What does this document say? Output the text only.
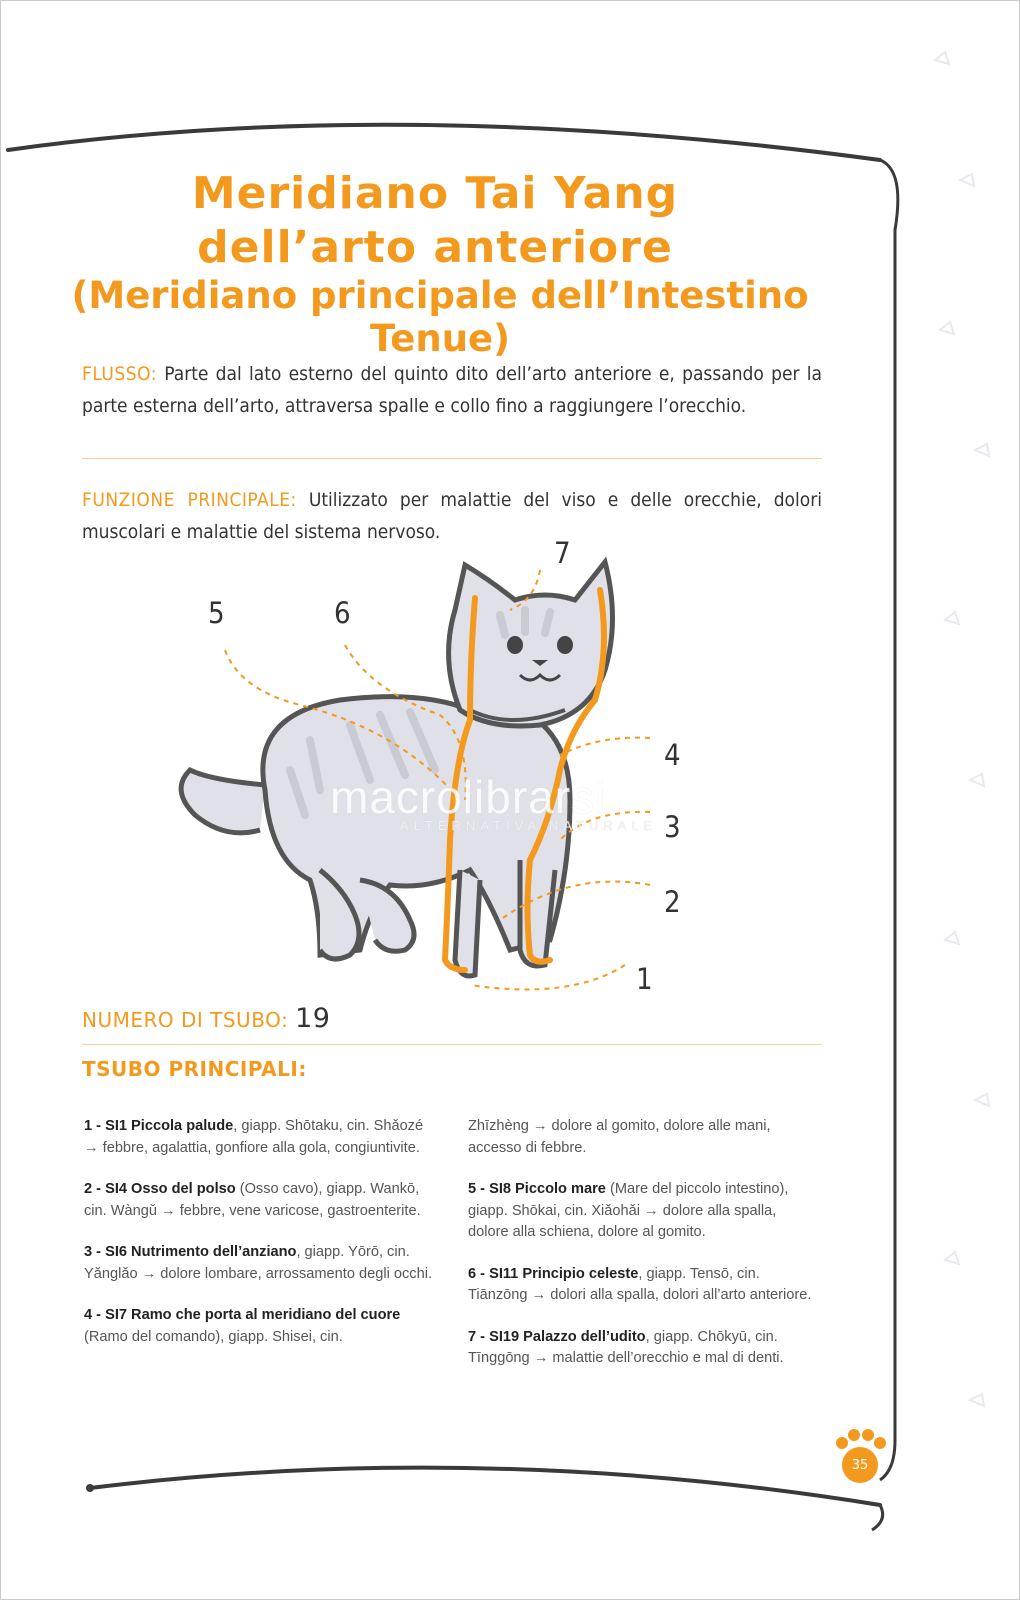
Meridiano Tai Yang
dell’arto anteriore
(Meridiano principale dell’Intestino Tenue)

FLUSSO: Parte dal lato esterno del quinto dito dell’arto anteriore e, passando per la parte esterna dell’arto, attraversa spalle e collo fino a raggiungere l’orecchio.

FUNZIONE PRINCIPALE: Utilizzato per malattie del viso e delle orecchie, dolori muscolari e malattie del sistema nervoso.

5	6
7
4
3
2
1
macrolibrarsi
ALTERNATIVA NATURALE
NUMERO DI TSUBO: 19
TSUBO PRINCIPALI:

1 - SI1 Piccola palude, giapp. Shōtaku, cin. Shǎozé → febbre, agalattia, gonfiore alla gola, congiuntivite.

2 - SI4 Osso del polso (Osso cavo), giapp. Wankō, cin. Wàngǔ → febbre, vene varicose, gastroenterite.

3 - SI6 Nutrimento dell’anziano, giapp. Yōrō, cin. Yǎnglǎo → dolore lombare, arrossamento degli occhi.

4 - SI7 Ramo che porta al meridiano del cuore (Ramo del comando), giapp. Shisei, cin.

Zhīzhèng → dolore al gomito, dolore alle mani, accesso di febbre.

5 - SI8 Piccolo mare (Mare del piccolo intestino), giapp. Shōkai, cin. Xiǎohǎi → dolore alla spalla, dolore alla schiena, dolore al gomito.

6 - SI11 Principio celeste, giapp. Tensō, cin. Tiānzōng → dolori alla spalla, dolori all’arto anteriore.

7 - SI19 Palazzo dell’udito, giapp. Chōkyū, cin. Tīnggōng → malattie dell’orecchio e mal di denti.

35
